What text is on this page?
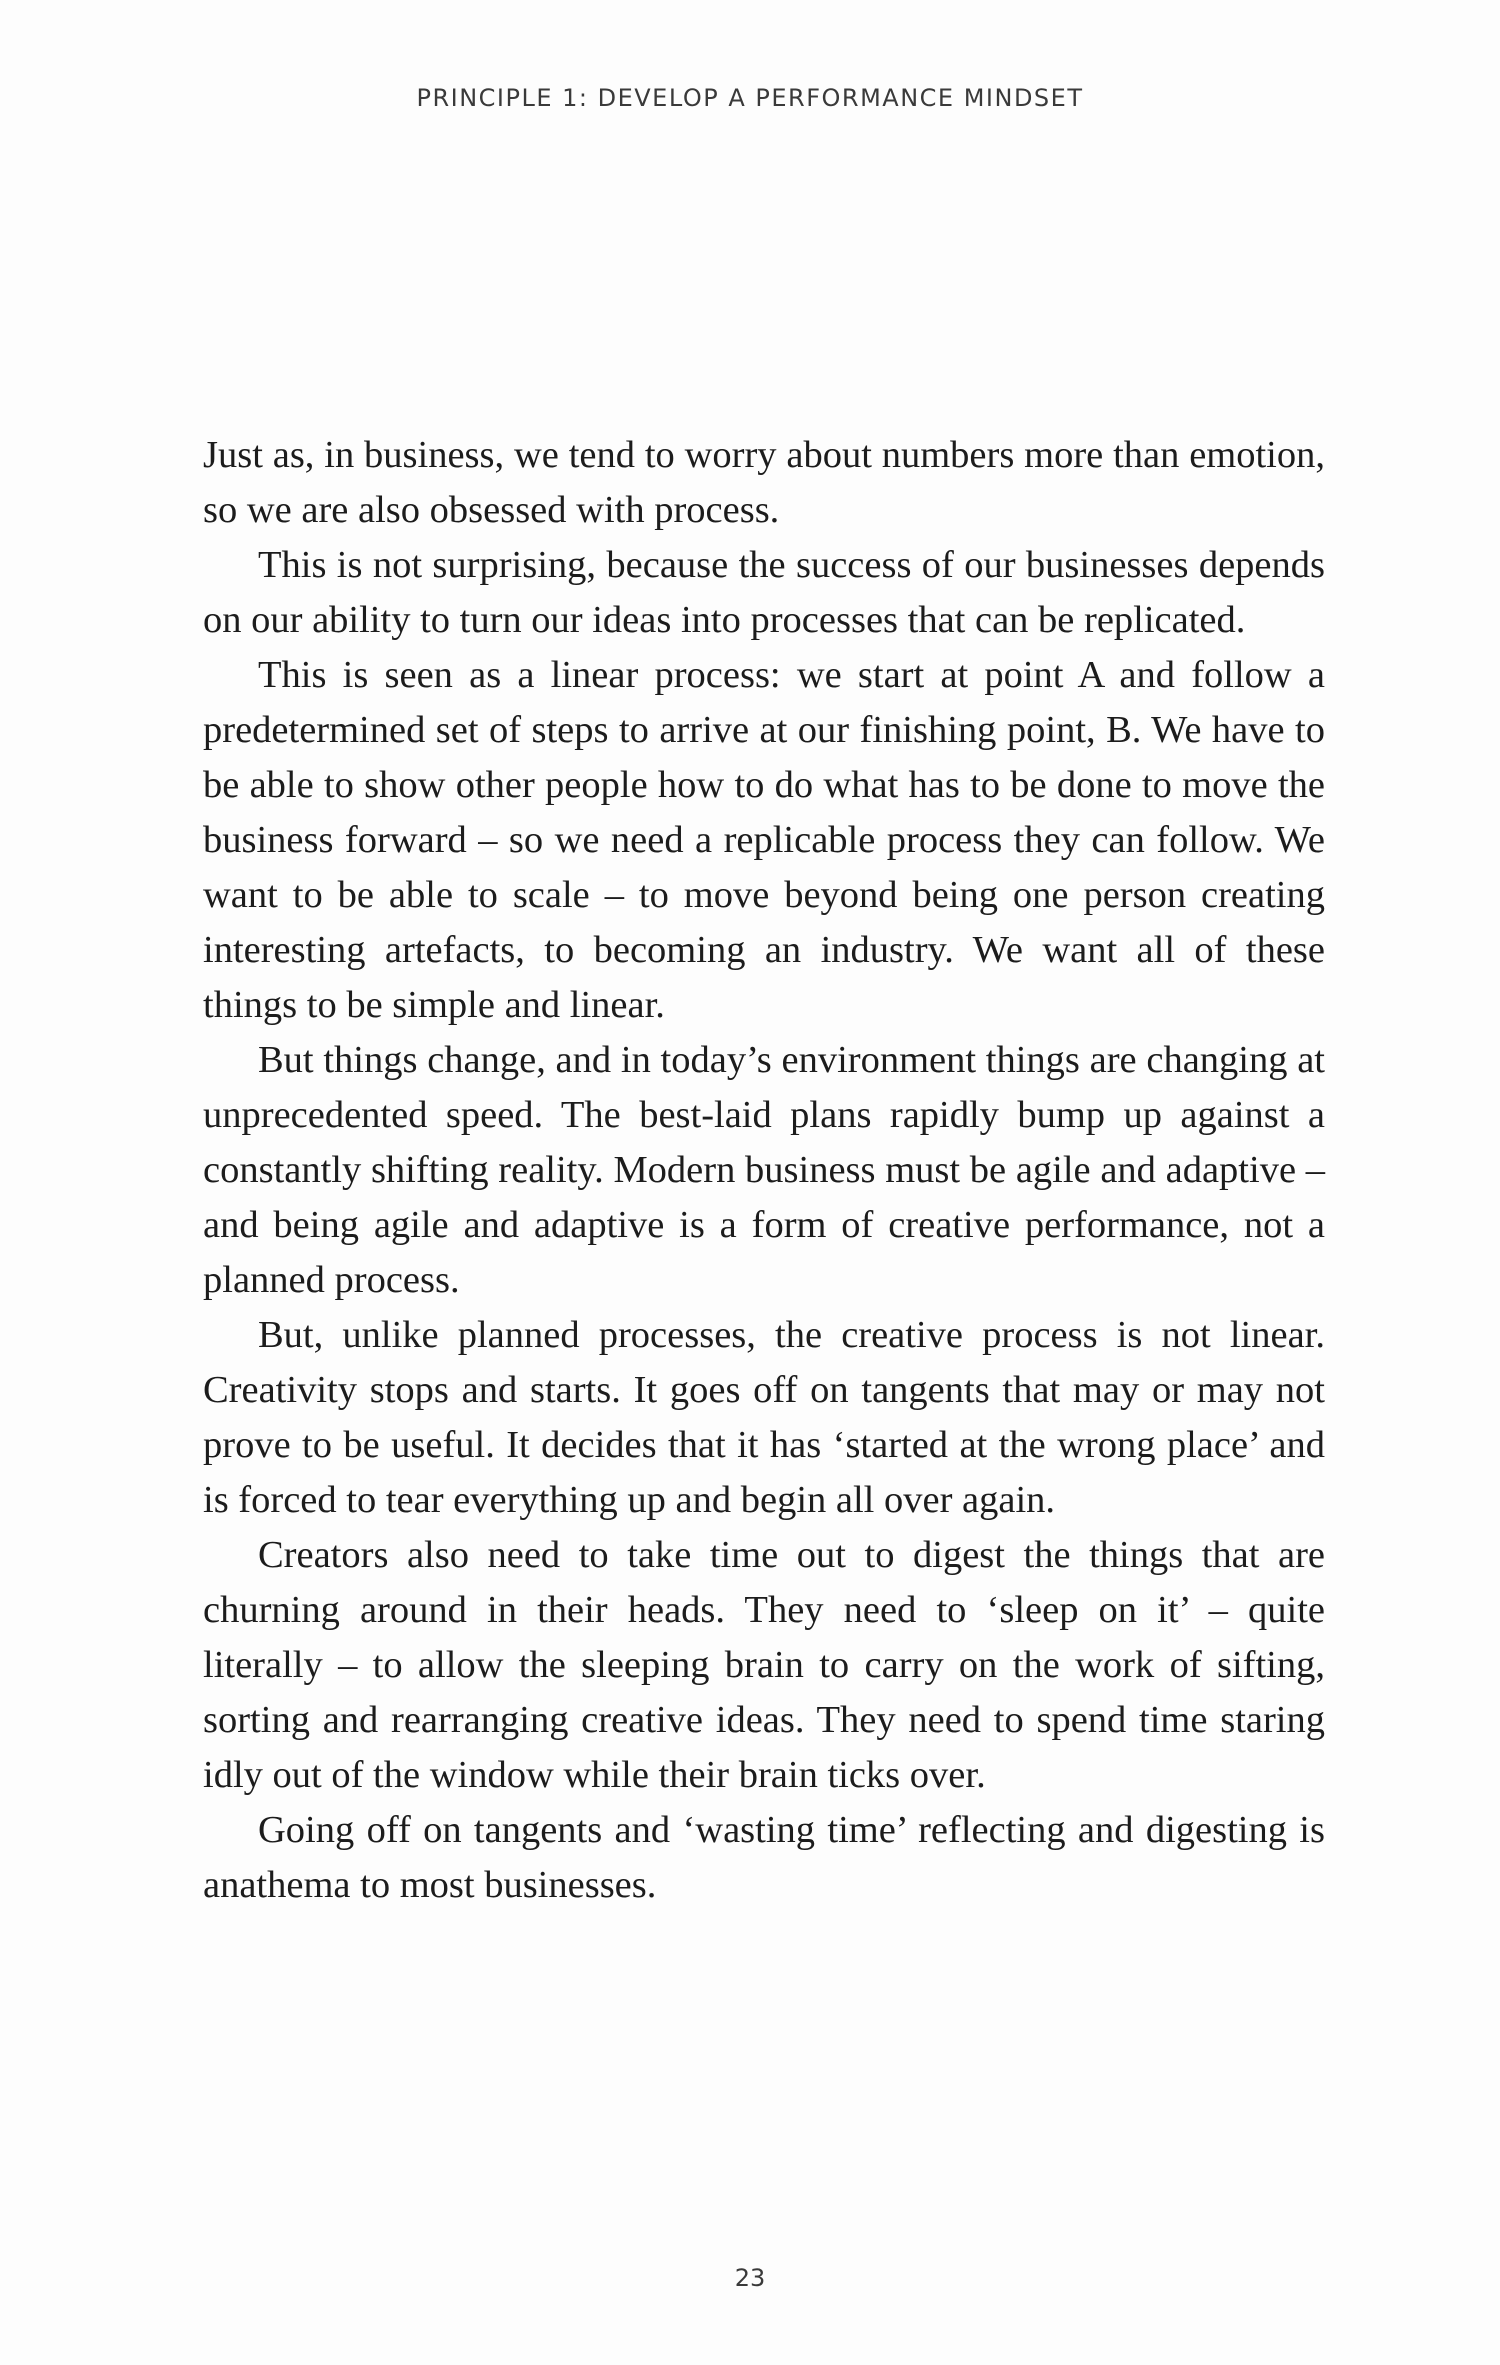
PRINCIPLE 1: DEVELOP A PERFORMANCE MINDSET

Just as, in business, we tend to worry about numbers more than emotion, so we are also obsessed with process.

This is not surprising, because the success of our businesses depends on our ability to turn our ideas into processes that can be replicated.

This is seen as a linear process: we start at point A and follow a predetermined set of steps to arrive at our finishing point, B. We have to be able to show other people how to do what has to be done to move the business forward – so we need a replicable process they can follow. We want to be able to scale – to move beyond being one person creating interesting artefacts, to becoming an industry. We want all of these things to be simple and linear.

But things change, and in today’s environment things are changing at unprecedented speed. The best-laid plans rapidly bump up against a constantly shifting reality. Modern business must be agile and adaptive – and being agile and adaptive is a form of creative performance, not a planned process.

But, unlike planned processes, the creative process is not linear. Creativity stops and starts. It goes off on tangents that may or may not prove to be useful. It decides that it has ‘started at the wrong place’ and is forced to tear everything up and begin all over again.

Creators also need to take time out to digest the things that are churning around in their heads. They need to ‘sleep on it’ – quite literally – to allow the sleeping brain to carry on the work of sifting, sorting and rearranging creative ideas. They need to spend time staring idly out of the window while their brain ticks over.

Going off on tangents and ‘wasting time’ reflecting and digesting is anathema to most businesses.

23
